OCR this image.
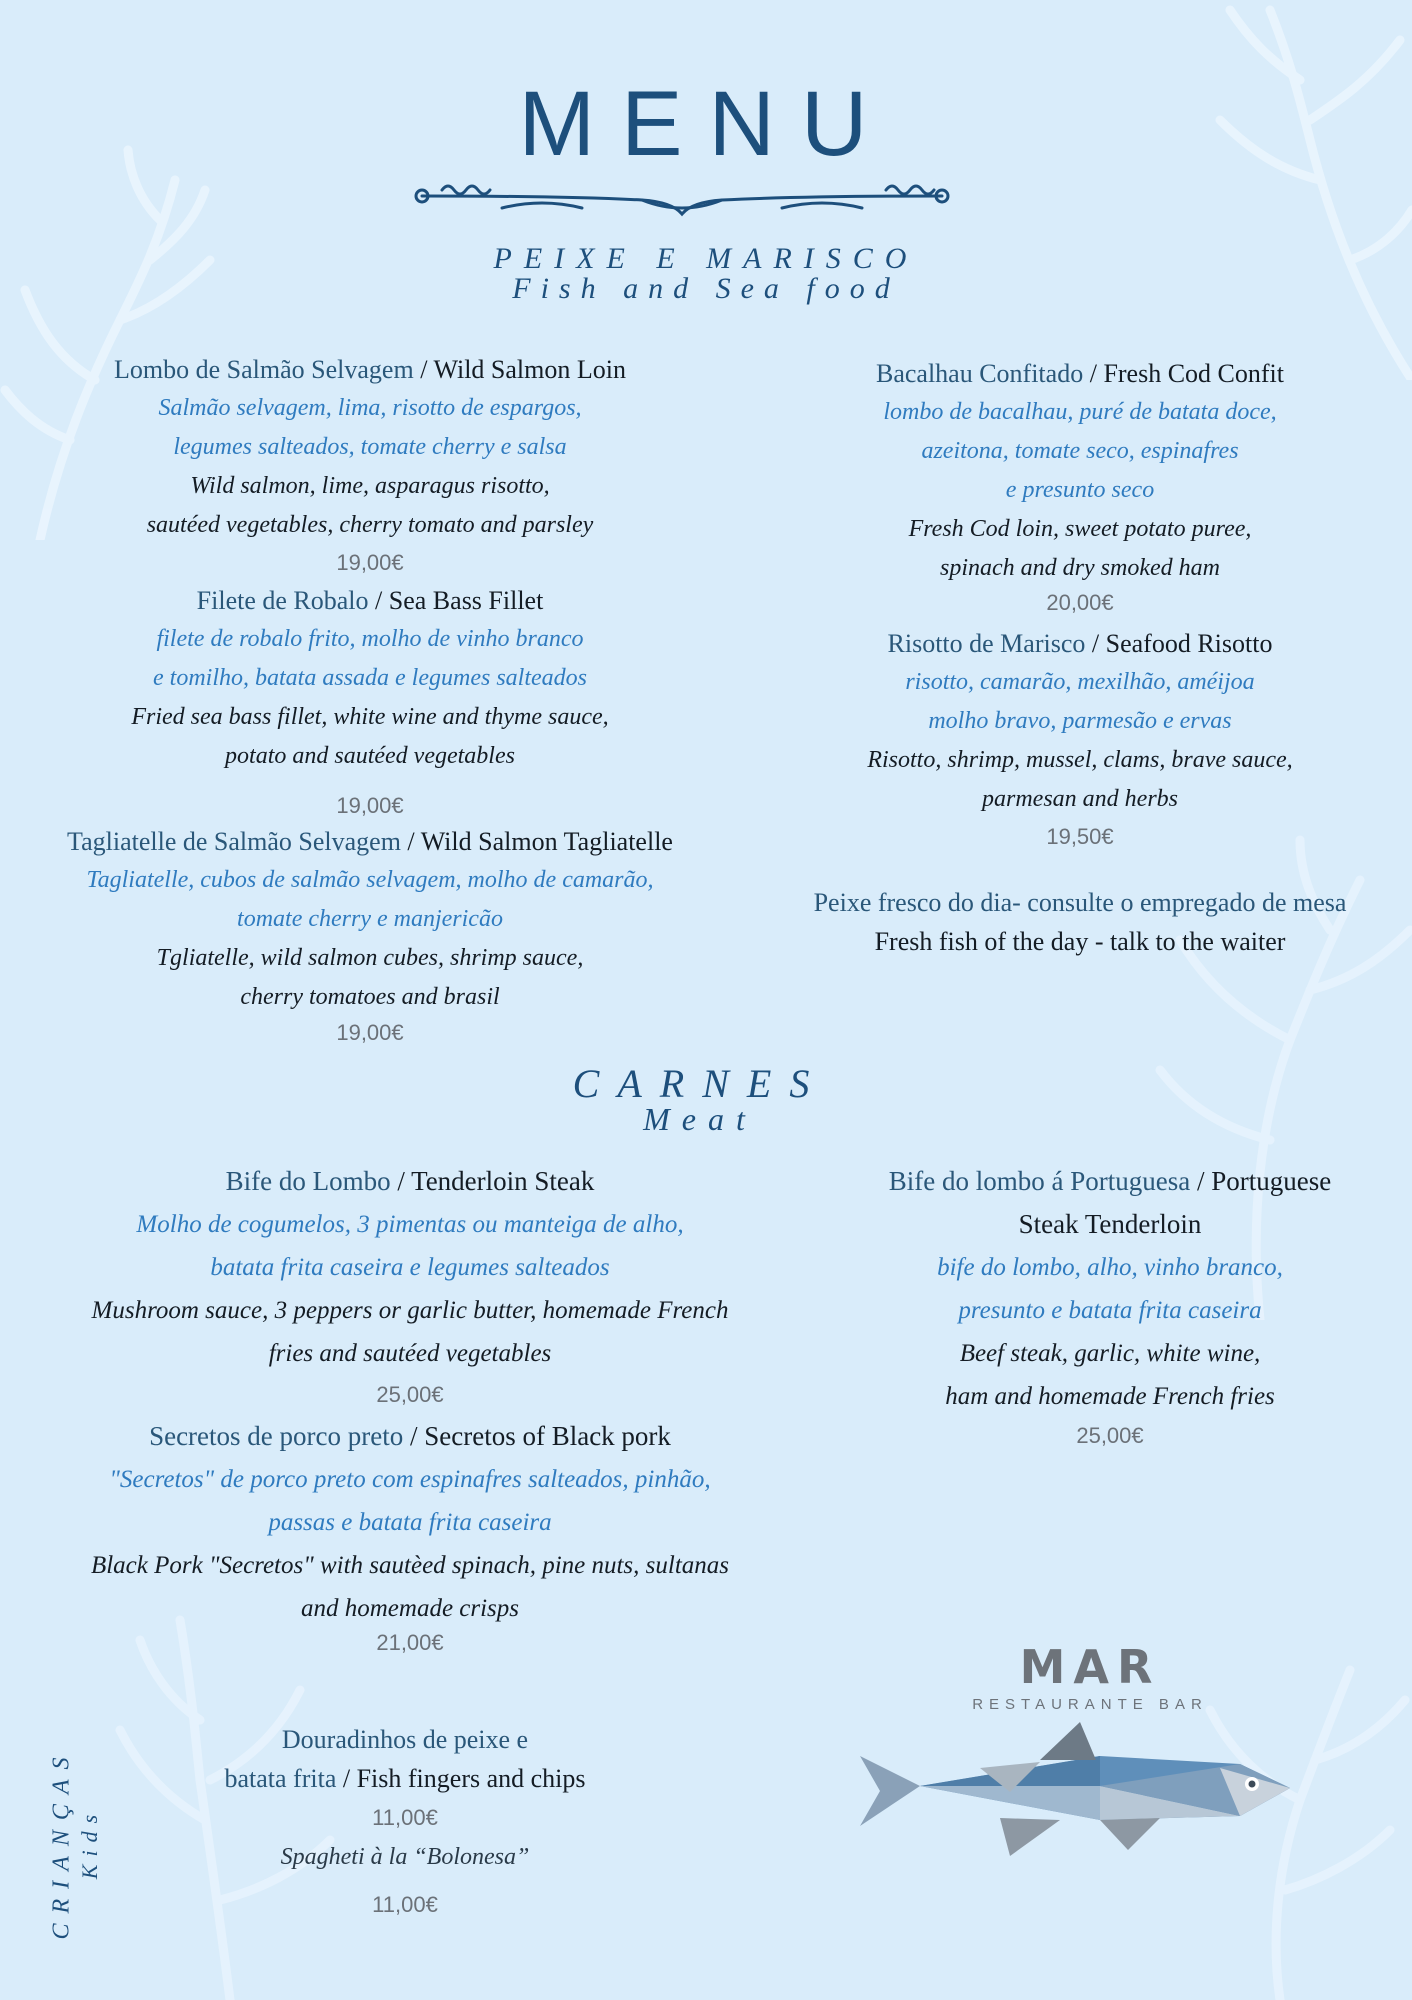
MENU
PEIXE E MARISCO
Fish and Sea food
Lombo de Salmão Selvagem / Wild Salmon Loin
Salmão selvagem, lima, risotto de espargos,
legumes salteados, tomate cherry e salsa
Wild salmon, lime, asparagus risotto,
sautéed vegetables, cherry tomato and parsley
19,00€
Filete de Robalo / Sea Bass Fillet
filete de robalo frito, molho de vinho branco
e tomilho, batata assada e legumes salteados
Fried sea bass fillet, white wine and thyme sauce,
potato and sautéed vegetables
19,00€
Tagliatelle de Salmão Selvagem / Wild Salmon Tagliatelle
Tagliatelle, cubos de salmão selvagem, molho de camarão,
tomate cherry e manjericão
Tgliatelle, wild salmon cubes, shrimp sauce,
cherry tomatoes and brasil
19,00€
Bacalhau Confitado / Fresh Cod Confit
lombo de bacalhau, puré de batata doce,
azeitona, tomate seco, espinafres
e presunto seco
Fresh Cod loin, sweet potato puree,
spinach and dry smoked ham
20,00€
Risotto de Marisco / Seafood Risotto
risotto, camarão, mexilhão, améijoa
molho bravo, parmesão e ervas
Risotto, shrimp, mussel, clams, brave sauce,
parmesan and herbs
19,50€
Peixe fresco do dia- consulte o empregado de mesa
Fresh fish of the day - talk to the waiter
CARNES
Meat
Bife do Lombo / Tenderloin Steak
Molho de cogumelos, 3 pimentas ou manteiga de alho,
batata frita caseira e legumes salteados
Mushroom sauce, 3 peppers or garlic butter, homemade French
fries and sautéed vegetables
25,00€
Secretos de porco preto / Secretos of Black pork
"Secretos" de porco preto com espinafres salteados, pinhão,
passas e batata frita caseira
Black Pork "Secretos" with sautèed spinach, pine nuts, sultanas
and homemade crisps
21,00€
Bife do lombo á Portuguesa / Portuguese
Steak Tenderloin
bife do lombo, alho, vinho branco,
presunto e batata frita caseira
Beef steak, garlic, white wine,
ham and homemade French fries
25,00€
CRIANÇAS Kids
Douradinhos de peixe e
batata frita / Fish fingers and chips
11,00€
Spagheti à la “Bolonesa”
11,00€
MAR
RESTAURANTE BAR
